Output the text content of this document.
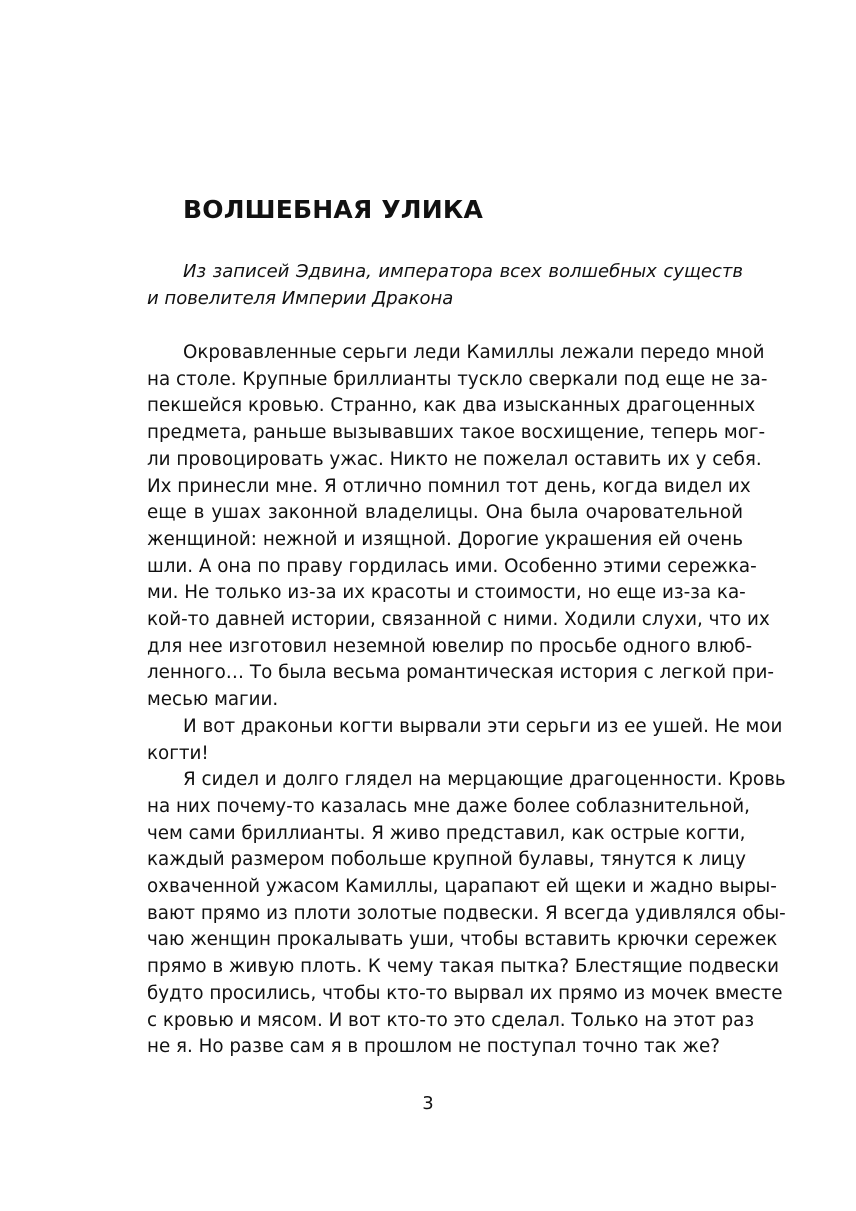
ВОЛШЕБНАЯ УЛИКА
Из записей Эдвина, императора всех волшебных существ
и повелителя Империи Дракона
Окровавленные серьги леди Камиллы лежали передо мной
на столе. Крупные бриллианты тускло сверкали под еще не за-
пекшейся кровью. Странно, как два изысканных драгоценных
предмета, раньше вызывавших такое восхищение, теперь мог-
ли провоцировать ужас. Никто не пожелал оставить их у себя.
Их принесли мне. Я отлично помнил тот день, когда видел их
еще в ушах законной владелицы. Она была очаровательной
женщиной: нежной и изящной. Дорогие украшения ей очень
шли. А она по праву гордилась ими. Особенно этими сережка-
ми. Не только из-за их красоты и стоимости, но еще из-за ка-
кой-то давней истории, связанной с ними. Ходили слухи, что их
для нее изготовил неземной ювелир по просьбе одного влюб-
ленного… То была весьма романтическая история с легкой при-
месью магии.
И вот драконьи когти вырвали эти серьги из ее ушей. Не мои
когти!
Я сидел и долго глядел на мерцающие драгоценности. Кровь
на них почему-то казалась мне даже более соблазнительной,
чем сами бриллианты. Я живо представил, как острые когти,
каждый размером побольше крупной булавы, тянутся к лицу
охваченной ужасом Камиллы, царапают ей щеки и жадно выры-
вают прямо из плоти золотые подвески. Я всегда удивлялся обы-
чаю женщин прокалывать уши, чтобы вставить крючки сережек
прямо в живую плоть. К чему такая пытка? Блестящие подвески
будто просились, чтобы кто-то вырвал их прямо из мочек вместе
с кровью и мясом. И вот кто-то это сделал. Только на этот раз
не я. Но разве сам я в прошлом не поступал точно так же?
3
